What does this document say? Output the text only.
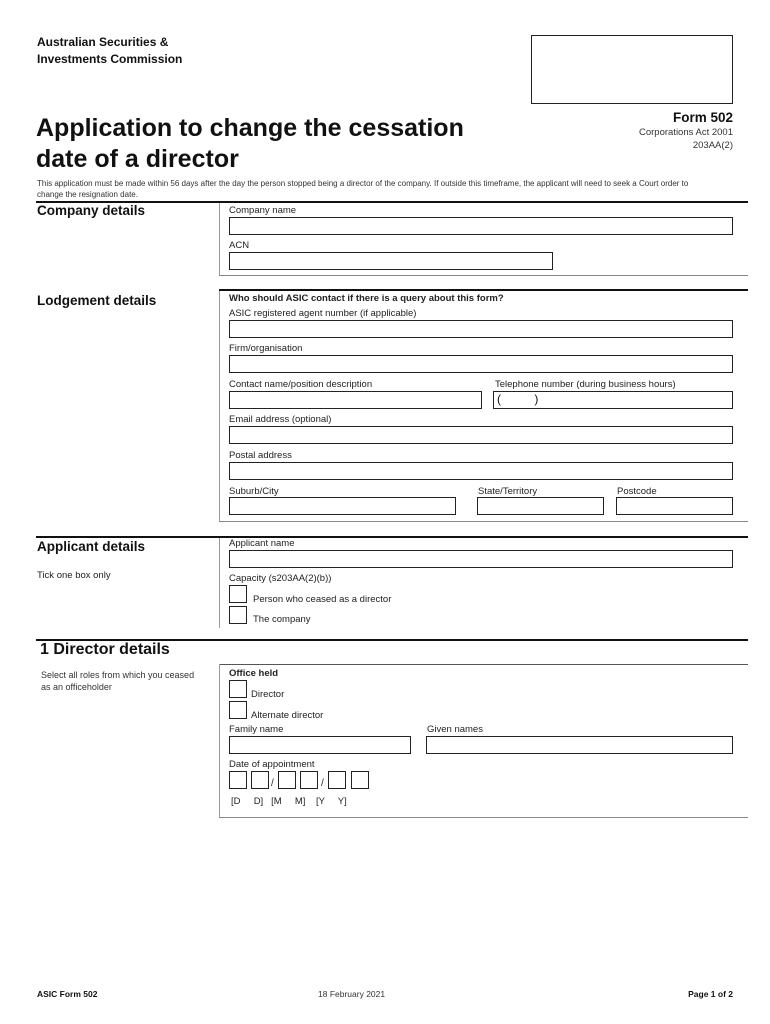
Australian Securities &
Investments Commission
Application to change the cessation
date of a director
Form 502
Corporations Act 2001
203AA(2)
This application must be made within 56 days after the day the person stopped being a director of the company. If outside this timeframe, the applicant will need to seek a Court order to
change the resignation date.
Company details	Company name
ACN
Lodgement details	Who should ASIC contact if there is a query about this form?
ASIC registered agent number (if applicable)
Firm/organisation
Contact name/position description	Telephone number (during business hours)
(          )
Email address (optional)
Postal address
Suburb/City	State/Territory	Postcode
Applicant details
Tick one box only
Applicant name
Capacity (s203AA(2)(b))
Person who ceased as a director
The company
1 Director details
Select all roles from which you ceased
as an officeholder
Office held
Director
Alternate director
Family name	Given names
Date of appointment
/	/
[D     D]   [M     M]    [Y     Y]
ASIC Form 502	18 February 2021	Page 1 of 2
